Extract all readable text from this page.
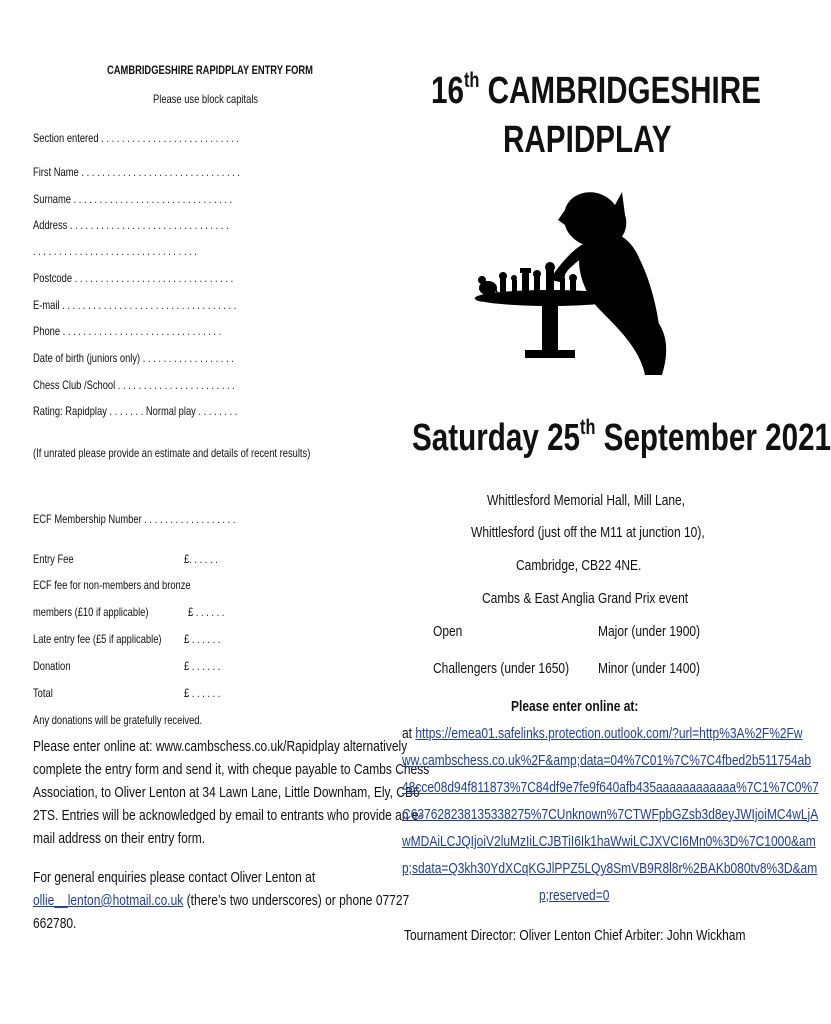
CAMBRIDGESHIRE RAPIDPLAY ENTRY FORM
Please use block capitals
Section entered . . . . . . . . . . . . . . . . . . . . . . . . . . .
First Name . . . . . . . . . . . . . . . . . . . . . . . . . . . . . . .
Surname . . . . . . . . . . . . . . . . . . . . . . . . . . . . . . .
Address . . . . . . . . . . . . . . . . . . . . . . . . . . . . . . .
. . . . . . . . . . . . . . . . . . . . . . . . . . . . . . . .
Postcode . . . . . . . . . . . . . . . . . . . . . . . . . . . . . . .
E-mail . . . . . . . . . . . . . . . . . . . . . . . . . . . . . . . . . .
Phone . . . . . . . . . . . . . . . . . . . . . . . . . . . . . . .
Date of birth (juniors only) . . . . . . . . . . . . . . . . . .
Chess Club /School . . . . . . . . . . . . . . . . . . . . . . .
Rating: Rapidplay . . . . . . . Normal play . . . . . . . .
(If unrated please provide an estimate and details of recent results)
ECF Membership Number . . . . . . . . . . . . . . . . . .
Entry Fee	£. . . . . .
ECF fee for non-members and bronze
members (£10 if applicable)	£ . . . . . .
Late entry fee (£5 if applicable) £ . . . . . .
Donation	£ . . . . . .
Total	£ . . . . . .
Any donations will be gratefully received.
Please enter online at: www.cambschess.co.uk/Rapidplay alternatively
complete the entry form and send it, with cheque payable to Cambs Chess
Association, to Oliver Lenton at 34 Lawn Lane, Little Downham, Ely, CB6
2TS. Entries will be acknowledged by email to entrants who provide an e-
mail address on their entry form.
For general enquiries please contact Oliver Lenton at
ollie__lenton@hotmail.co.uk (there’s two underscores) or phone 07727
662780.
16th CAMBRIDGESHIRE
RAPIDPLAY
Saturday 25th September 2021
Whittlesford Memorial Hall, Mill Lane,
Whittlesford (just off the M11 at junction 10),
Cambridge, CB22 4NE.
Cambs & East Anglia Grand Prix event
Open	Major (under 1900)
Challengers (under 1650) Minor (under 1400)
Please enter online at:
at https://emea01.safelinks.protection.outlook.com/?url=http%3A%2F%2Fw
ww.cambschess.co.uk%2F&amp;data=04%7C01%7C%7C4fbed2b511754ab
48cce08d94f811873%7C84df9e7fe9f640afb435aaaaaaaaaaaa%7C1%7C0%7
C637628238135338275%7CUnknown%7CTWFpbGZsb3d8eyJWIjoiMC4wLjA
wMDAiLCJQIjoiV2luMzIiLCJBTiI6Ik1haWwiLCJXVCI6Mn0%3D%7C1000&am
p;sdata=Q3kh30YdXCqKGJlPPZ5LQy8SmVB9R8l8r%2BAKb080tv8%3D&am
p;reserved=0
Tournament Director: Oliver Lenton Chief Arbiter: John Wickham
